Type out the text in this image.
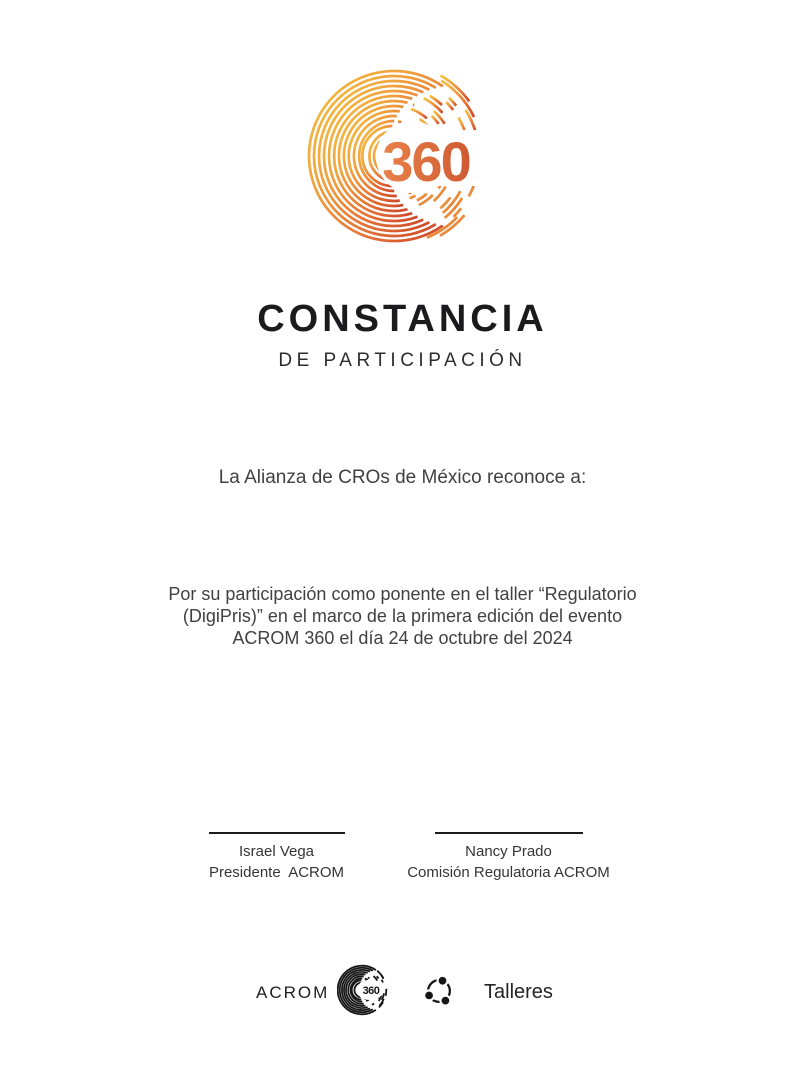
360
CONSTANCIA
DE PARTICIPACIÓN
La Alianza de CROs de México reconoce a:
Por su participación como ponente en el taller “Regulatorio
(DigiPris)” en el marco de la primera edición del evento
ACROM 360 el día 24 de octubre del 2024
Israel Vega
Presidente  ACROM
Nancy Prado
Comisión Regulatoria ACROM
ACROM	360	Talleres
